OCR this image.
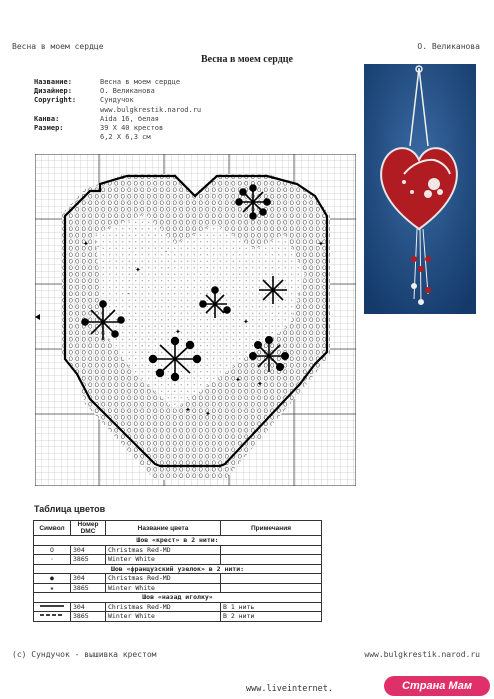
Весна в моем сердце	О. Великанова
Весна в моем сердце
Название:	Весна в моем сердце
Дизайнер:	О. Великанова
Copyright:	Сундучок
www.bulgkrestik.narod.ru
Канва:	Aida 16, белая
Размер:	39 X 40 крестов
6,2 X 6,3 см
✦ ·
✦
✦
✦ ✦
✦
✦ ✦
✦
·
·
Таблица цветов
Символ	Номер DMC	Название цвета	Примечания
Шов «крест» в 2 нити:			
O	304	Christmas Red-MD	
·	3865	Winter White	
Шов «французский узелок» в 2 нити:			
●	304	Christmas Red-MD	
★	3865	Winter White	
Шов «назад иголку»			
	304	Christmas Red-MD	В 1 нить
	3865	Winter White	В 2 нити
(с) Сундучок - вышивка крестом	www.bulgkrestik.narod.ru
www.liveinternet.	Страна Мам
